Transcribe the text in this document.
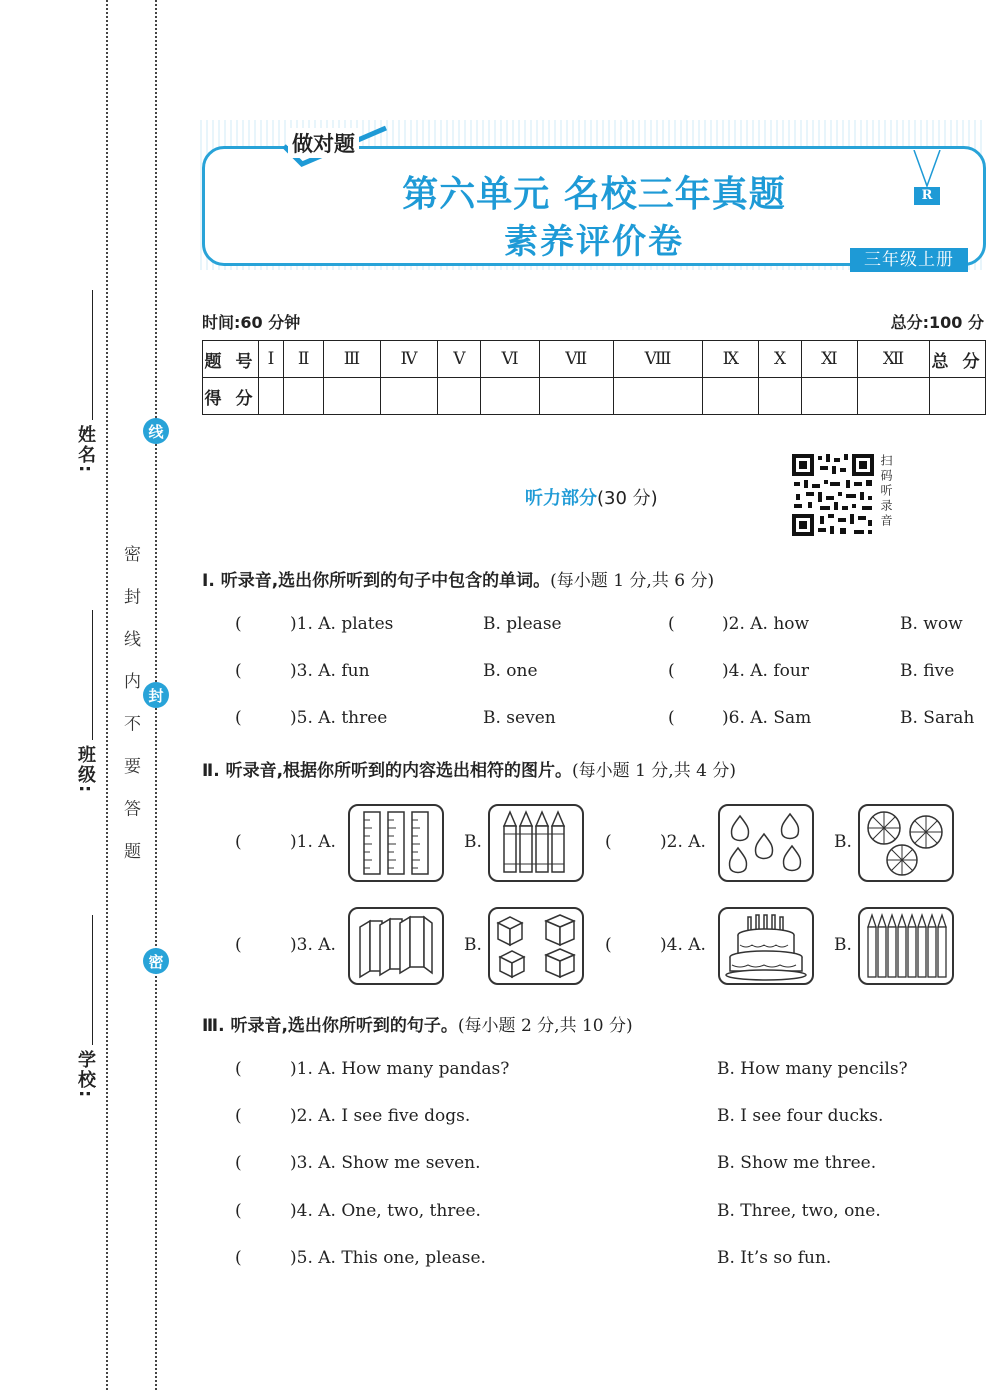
姓名:
班级:
学校:
密 封 线 内 不 要 答 题
线
封
密
做对题
第六单元 名校三年真题
素养评价卷
R
三年级上册
时间:60 分钟	总分:100 分
题 号	Ⅰ	Ⅱ	Ⅲ	Ⅳ	Ⅴ	Ⅵ	Ⅶ	Ⅷ	Ⅸ	Ⅹ	Ⅺ	Ⅻ	总 分
得 分													
听力部分(30 分)	扫码听录音
Ⅰ. 听录音,选出你所听到的句子中包含的单词。(每小题 1 分,共 6 分)
(	)1. A. plates	B. please	(	)2. A. how	B. wow
(	)3. A. fun	B. one	(	)4. A. four	B. five
(	)5. A. three	B. seven	(	)6. A. Sam	B. Sarah
Ⅱ. 听录音,根据你所听到的内容选出相符的图片。(每小题 1 分,共 4 分)
(	)1. A.	B.	(	)2. A.	B.
(	)3. A.	B.	(	)4. A.	B.
Ⅲ. 听录音,选出你所听到的句子。(每小题 2 分,共 10 分)
(	)1. A. How many pandas?	B. How many pencils?
(	)2. A. I see five dogs.	B. I see four ducks.
(	)3. A. Show me seven.	B. Show me three.
(	)4. A. One, two, three.	B. Three, two, one.
(	)5. A. This one, please.	B. It’s so fun.
